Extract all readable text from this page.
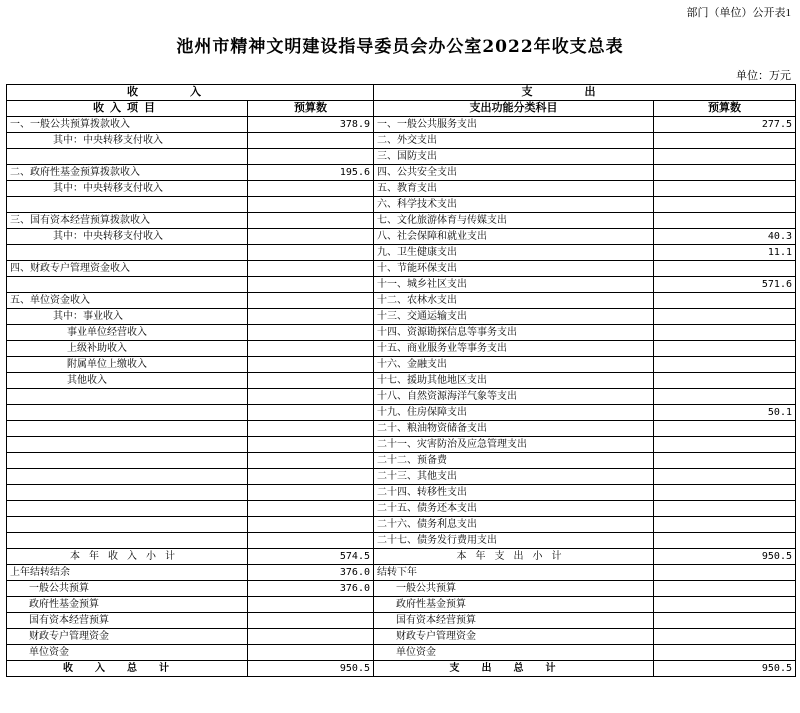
部门（单位）公开表1
池州市精神文明建设指导委员会办公室2022年收支总表
单位：万元
收入		支出	
收入项目	预算数	支出功能分类科目	预算数
一、一般公共预算拨款收入	378.9	一、一般公共服务支出	277.5
其中：中央转移支付收入		二、外交支出	
		三、国防支出	
二、政府性基金预算拨款收入	195.6	四、公共安全支出	
其中：中央转移支付收入		五、教育支出	
		六、科学技术支出	
三、国有资本经营预算拨款收入		七、文化旅游体育与传媒支出	
其中：中央转移支付收入		八、社会保障和就业支出	40.3
		九、卫生健康支出	11.1
四、财政专户管理资金收入		十、节能环保支出	
		十一、城乡社区支出	571.6
五、单位资金收入		十二、农林水支出	
其中：事业收入		十三、交通运输支出	
事业单位经营收入		十四、资源勘探信息等事务支出	
上级补助收入		十五、商业服务业等事务支出	
附属单位上缴收入		十六、金融支出	
其他收入		十七、援助其他地区支出	
		十八、自然资源海洋气象等支出	
		十九、住房保障支出	50.1
		二十、粮油物资储备支出	
		二十一、灾害防治及应急管理支出	
		二十二、预备费	
		二十三、其他支出	
		二十四、转移性支出	
		二十五、债务还本支出	
		二十六、债务利息支出	
		二十七、债务发行费用支出	
本年收入小计	574.5	本年支出小计	950.5
上年结转结余	376.0	结转下年	
一般公共预算	376.0	一般公共预算	
政府性基金预算		政府性基金预算	
国有资本经营预算		国有资本经营预算	
财政专户管理资金		财政专户管理资金	
单位资金		单位资金	
收入总计	950.5	支出总计	950.5
